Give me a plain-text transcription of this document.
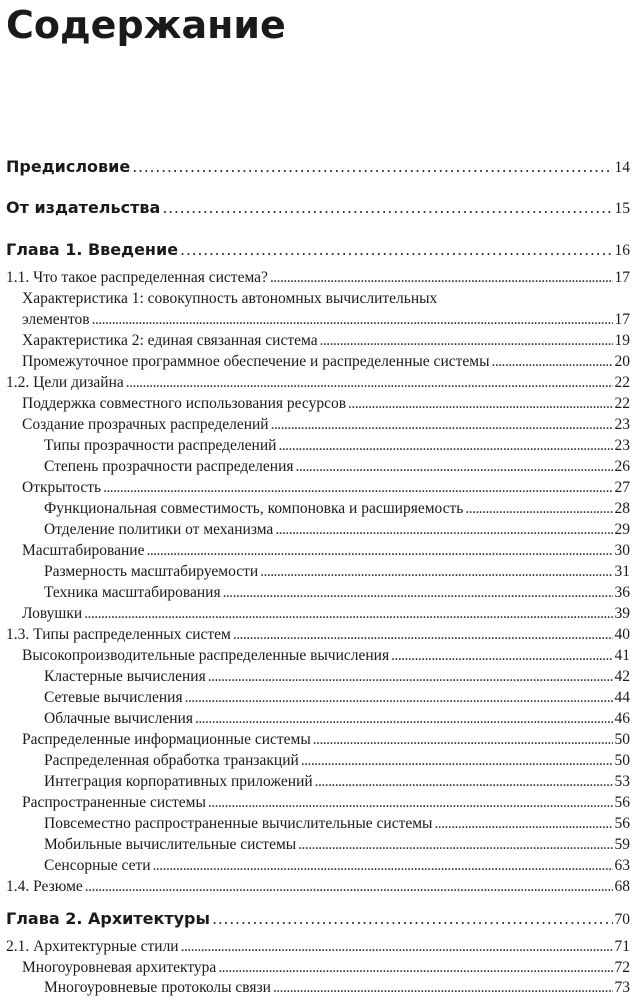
Содержание
Предисловие . . .	14
От издательства . . .	15
Глава 1. Введение . . .	16
1.1. Что такое распределенная система? . . .	17
Характеристика 1: совокупность автономных вычислительных
элементов . . .	17
Характеристика 2: единая связанная система . . .	19
Промежуточное программное обеспечение и распределенные системы . . .	20
1.2. Цели дизайна . . .	22
Поддержка совместного использования ресурсов . . .	22
Создание прозрачных распределений . . .	23
Типы прозрачности распределений . . .	23
Степень прозрачности распределения . . .	26
Открытость . . .	27
Функциональная совместимость, компоновка и расширяемость . . .	28
Отделение политики от механизма . . .	29
Масштабирование . . .	30
Размерность масштабируемости . . .	31
Техника масштабирования . . .	36
Ловушки . . .	39
1.3. Типы распределенных систем . . .	40
Высокопроизводительные распределенные вычисления . . .	41
Кластерные вычисления . . .	42
Сетевые вычисления . . .	44
Облачные вычисления . . .	46
Распределенные информационные системы . . .	50
Распределенная обработка транзакций . . .	50
Интеграция корпоративных приложений . . .	53
Распространенные системы . . .	56
Повсеместно распространенные вычислительные системы . . .	56
Мобильные вычислительные системы . . .	59
Сенсорные сети . . .	63
1.4. Резюме . . .	68
Глава 2. Архитектуры . . .	70
2.1. Архитектурные стили . . .	71
Многоуровневая архитектура . . .	72
Многоуровневые протоколы связи . . .	73
